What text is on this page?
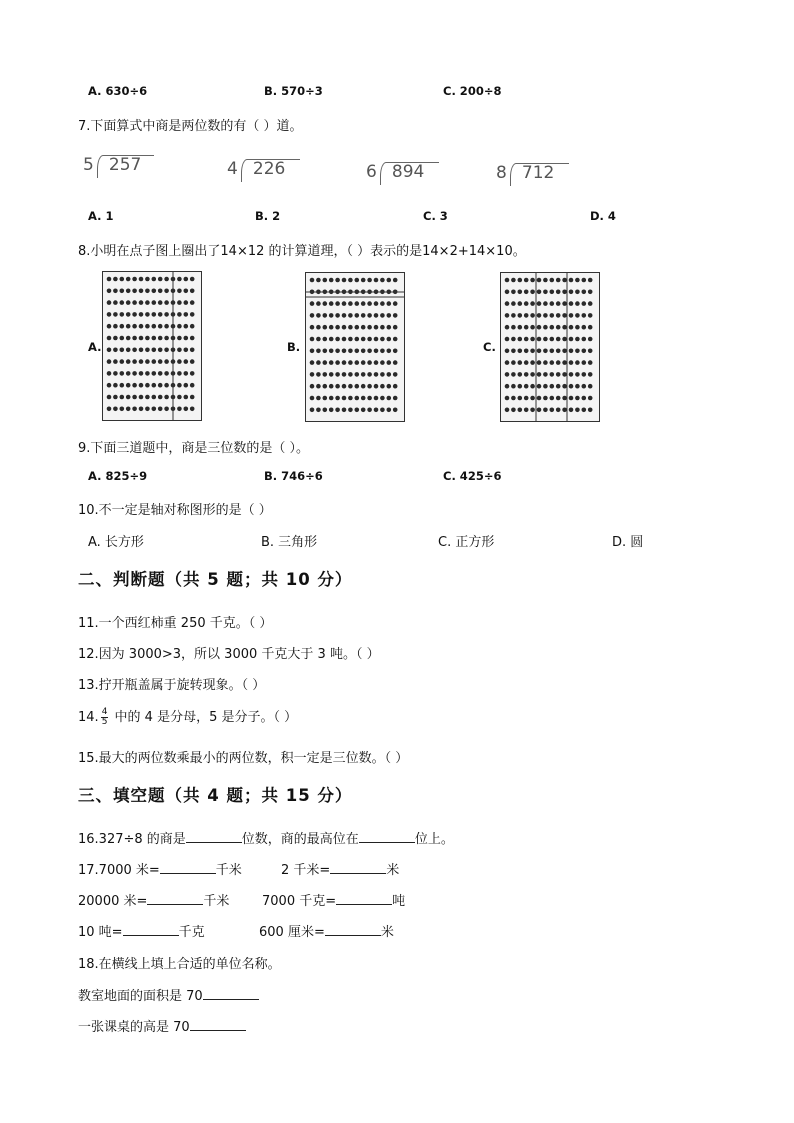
A. 630÷6	B. 570÷3	C. 200÷8
7.下面算式中商是两位数的有（ ）道。
5 257	4 226	6 894	8 712
A. 1	B. 2	C. 3	D. 4
8.小明在点子图上圈出了14×12 的计算道理，（ ）表示的是14×2+14×10。
A.	B.	C.
9.下面三道题中，商是三位数的是（ ）。
A. 825÷9	B. 746÷6	C. 425÷6
10.不一定是轴对称图形的是（ ）
A. 长方形	B. 三角形	C. 正方形	D. 圆
二、判断题（共 5 题；共 10 分）
11.一个西红柿重 250 千克。（ ）
12.因为 3000>3，所以 3000 千克大于 3 吨。（ ）
13.拧开瓶盖属于旋转现象。（ ）
14. $\frac{4}{5}$ 中的 4 是分母，5 是分子。（ ）
15.最大的两位数乘最小的两位数，积一定是三位数。（ ）
三、填空题（共 4 题；共 15 分）
16.327÷8 的商是	位数，商的最高位在	位上。
17.7000 米=	千米	2 千米=	米
20000 米=	千米	7000 千克=	吨
10 吨=	千克	600 厘米=	米
18.在横线上填上合适的单位名称。
教室地面的面积是 70
一张课桌的高是 70
